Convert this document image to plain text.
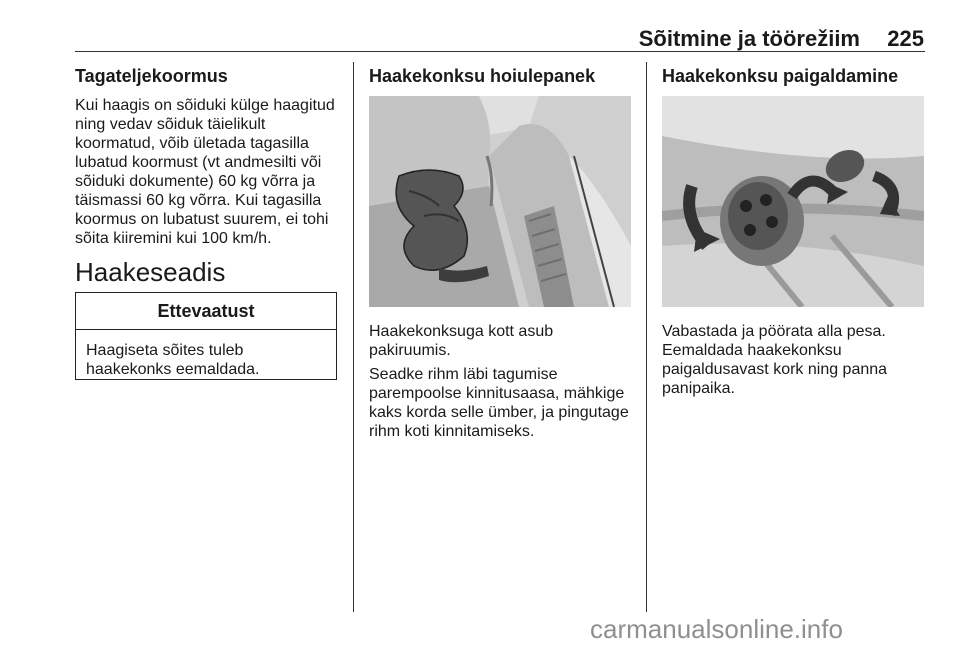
Sõitmine ja töörežiim	225
Tagateljekoormus
Kui haagis on sõiduki külge haagitud ning vedav sõiduk täielikult koormatud, võib ületada tagasilla lubatud koormust (vt andmesilti või sõiduki dokumente) 60 kg võrra ja täismassi 60 kg võrra. Kui tagasilla koormus on lubatust suurem, ei tohi sõita kiiremini kui 100 km/h.
Haakeseadis
Ettevaatust
Haagiseta sõites tuleb haakekonks eemaldada.
Haakekonksu hoiulepanek
Haakekonksuga kott asub pakiruumis.
Seadke rihm läbi tagumise parempoolse kinnitusaasa, mähkige kaks korda selle ümber, ja pingutage rihm koti kinnitamiseks.
Haakekonksu paigaldamine
Vabastada ja pöörata alla pesa. Eemaldada haakekonksu paigaldusavast kork ning panna panipaika.
carmanualsonline.info
